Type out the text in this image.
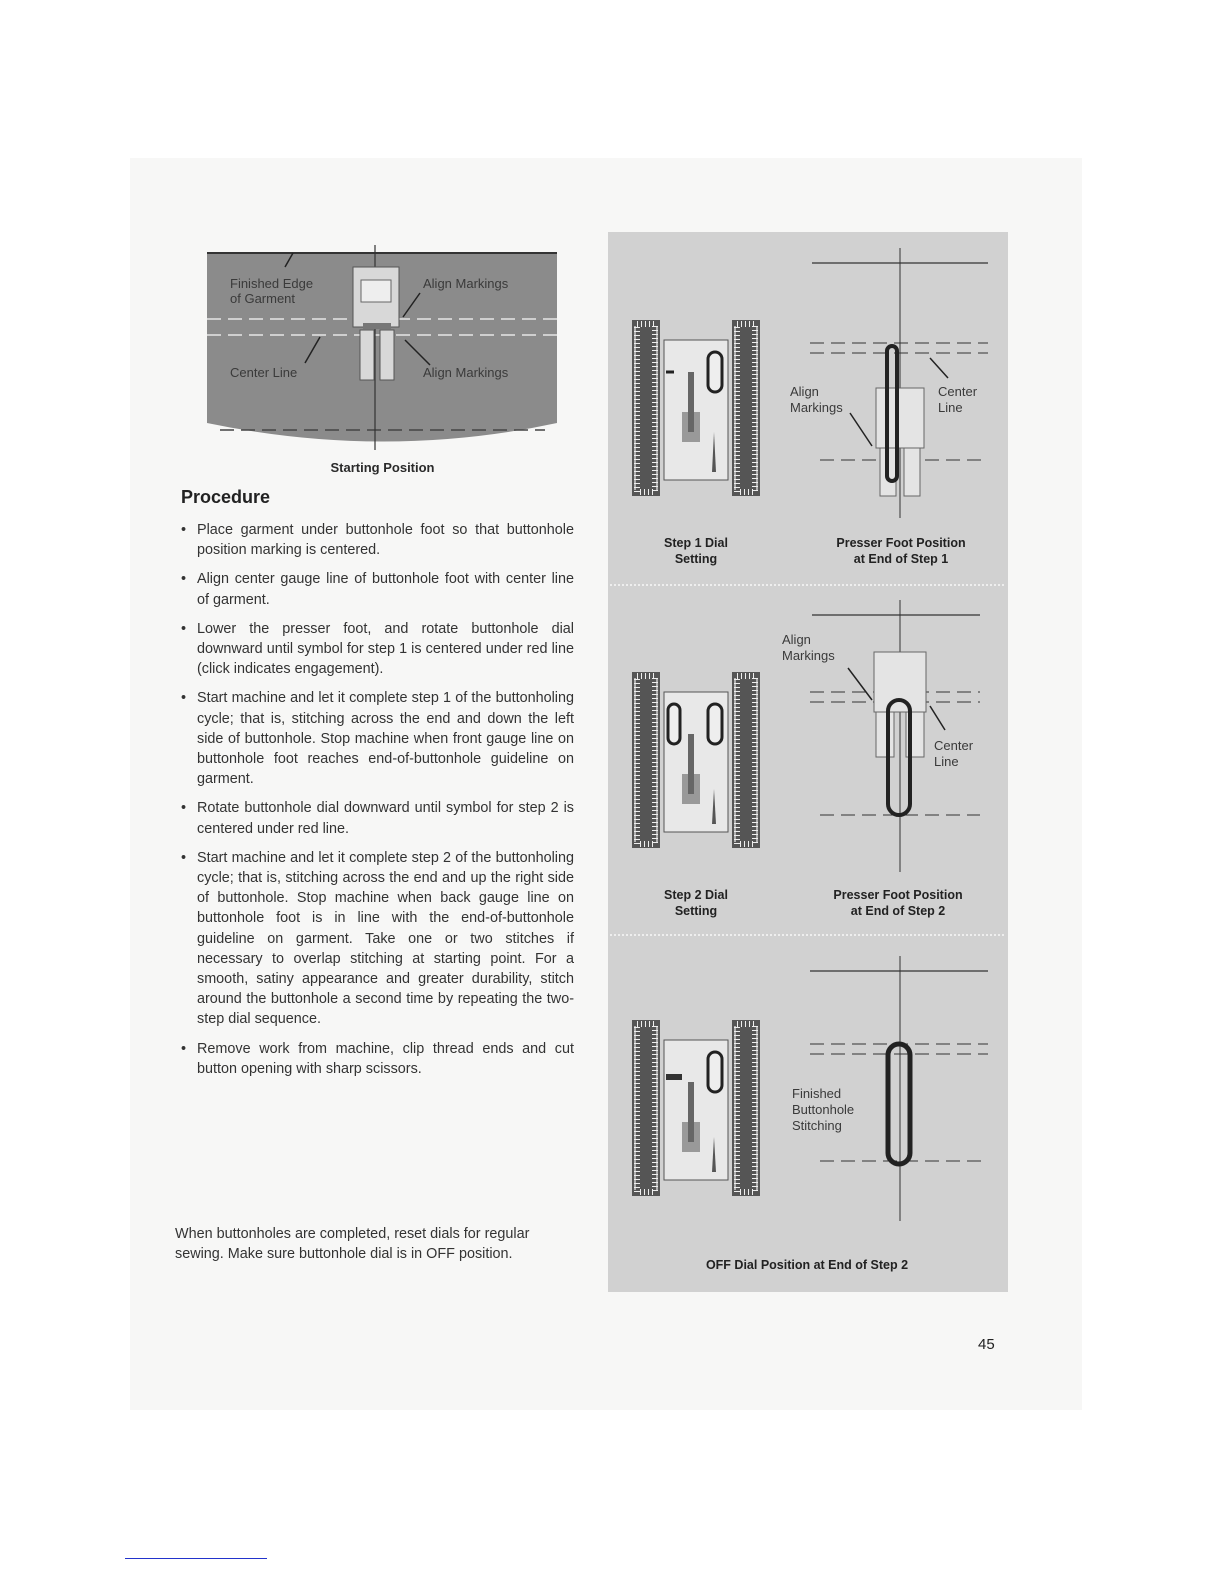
Finished Edge
of Garment
Align Markings
Center Line	Align Markings
Starting Position
Procedure
• Place garment under buttonhole foot so that buttonhole position marking is centered.
• Align center gauge line of buttonhole foot with center line of garment.
• Lower the presser foot, and rotate buttonhole dial downward until symbol for step 1 is centered under red line (click indicates engagement).
• Start machine and let it complete step 1 of the buttonholing cycle; that is, stitching across the end and down the left side of buttonhole. Stop machine when front gauge line on buttonhole foot reaches end-of-buttonhole guideline on garment.
• Rotate buttonhole dial downward until symbol for step 2 is centered under red line.
• Start machine and let it complete step 2 of the buttonholing cycle; that is, stitching across the end and up the right side of buttonhole. Stop machine when back gauge line on buttonhole foot is in line with the end-of-buttonhole guideline on garment. Take one or two stitches if necessary to overlap stitching at starting point. For a smooth, satiny appearance and greater durability, stitch around the buttonhole a second time by repeating the two-step dial sequence.
• Remove work from machine, clip thread ends and cut button opening with sharp scissors.

When buttonholes are completed, reset dials for regular sewing. Make sure buttonhole dial is in OFF position.

Align
Markings
Center
Line
Align
Markings
Center
Line
Finished
Buttonhole
Stitching
Step 1 Dial
Setting
Presser Foot Position
at End of Step 1
Step 2 Dial
Setting
Presser Foot Position
at End of Step 2
OFF Dial Position at End of Step 2
45
